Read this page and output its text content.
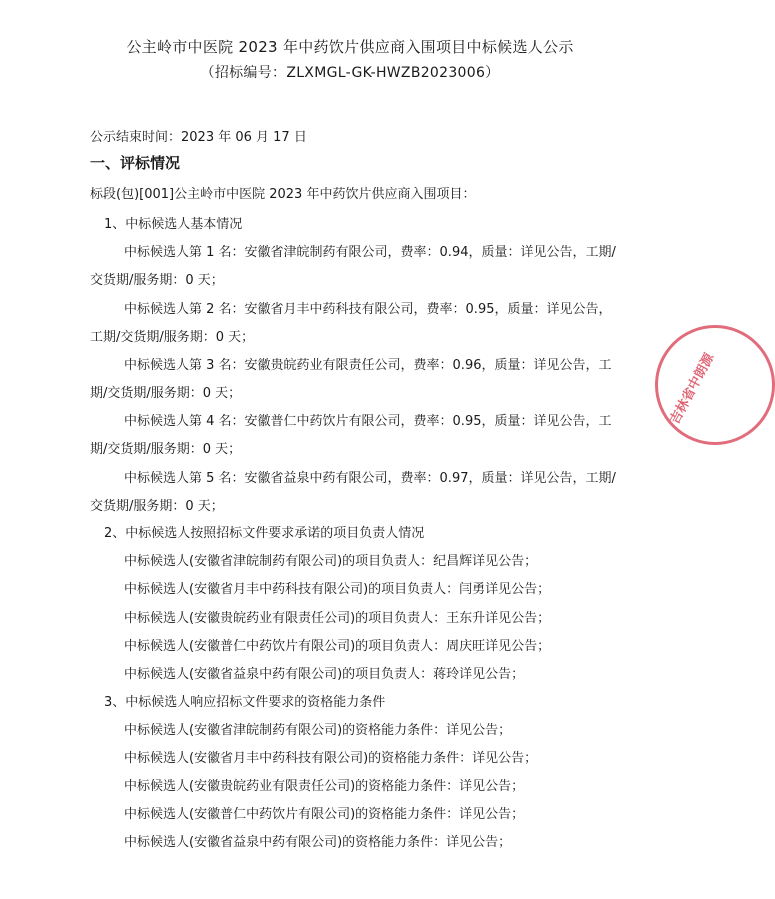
公主岭市中医院 2023 年中药饮片供应商入围项目中标候选人公示
（招标编号：ZLXMGL-GK-HWZB2023006）
公示结束时间：2023 年 06 月 17 日
一、评标情况
标段(包)[001]公主岭市中医院 2023 年中药饮片供应商入围项目：
1、中标候选人基本情况
中标候选人第 1 名：安徽省津皖制药有限公司，费率：0.94，质量：详见公告，工期/
交货期/服务期：0 天；
中标候选人第 2 名：安徽省月丰中药科技有限公司，费率：0.95，质量：详见公告，
工期/交货期/服务期：0 天；
中标候选人第 3 名：安徽贵皖药业有限责任公司，费率：0.96，质量：详见公告，工
期/交货期/服务期：0 天；
中标候选人第 4 名：安徽普仁中药饮片有限公司，费率：0.95，质量：详见公告，工
期/交货期/服务期：0 天；
中标候选人第 5 名：安徽省益泉中药有限公司，费率：0.97，质量：详见公告，工期/
交货期/服务期：0 天；
2、中标候选人按照招标文件要求承诺的项目负责人情况
中标候选人(安徽省津皖制药有限公司)的项目负责人：纪昌辉详见公告；
中标候选人(安徽省月丰中药科技有限公司)的项目负责人：闫勇详见公告；
中标候选人(安徽贵皖药业有限责任公司)的项目负责人：王东升详见公告；
中标候选人(安徽普仁中药饮片有限公司)的项目负责人：周庆旺详见公告；
中标候选人(安徽省益泉中药有限公司)的项目负责人：蒋玲详见公告；
3、中标候选人响应招标文件要求的资格能力条件
中标候选人(安徽省津皖制药有限公司)的资格能力条件：详见公告；
中标候选人(安徽省月丰中药科技有限公司)的资格能力条件：详见公告；
中标候选人(安徽贵皖药业有限责任公司)的资格能力条件：详见公告；
中标候选人(安徽普仁中药饮片有限公司)的资格能力条件：详见公告；
中标候选人(安徽省益泉中药有限公司)的资格能力条件：详见公告；
吉林省中朗源
